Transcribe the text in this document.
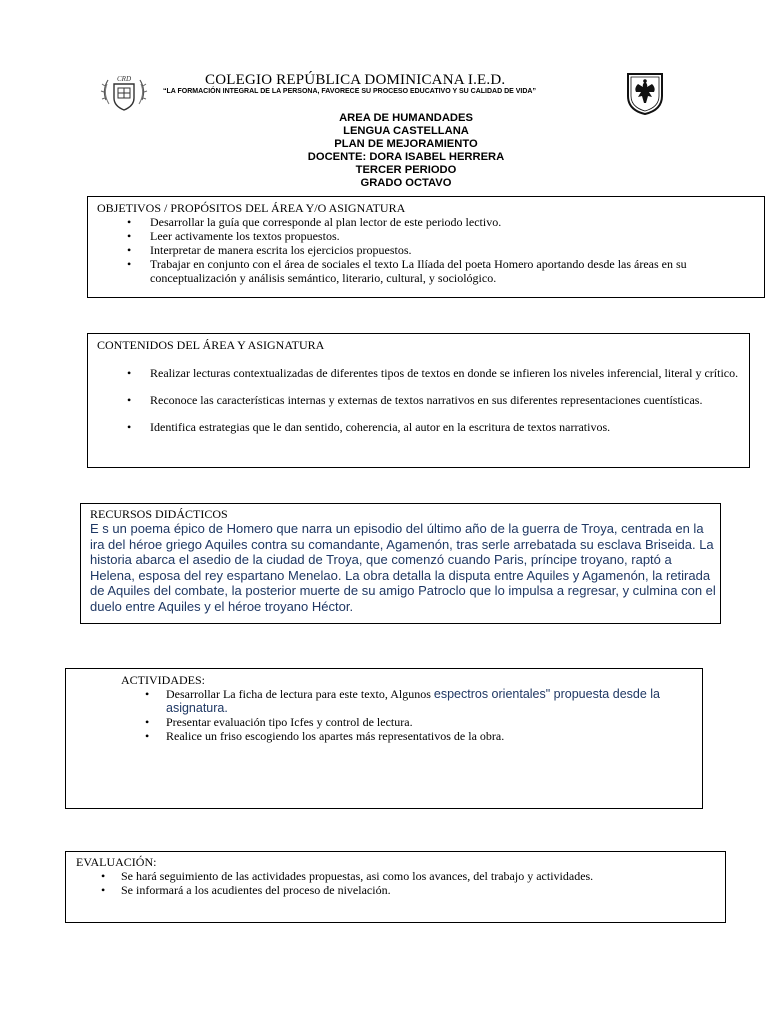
CRD	COLEGIO REPÚBLICA DOMINICANA I.E.D.
“LA FORMACIÓN INTEGRAL DE LA PERSONA, FAVORECE SU PROCESO EDUCATIVO Y SU CALIDAD DE VIDA”
AREA DE HUMANDADES
LENGUA CASTELLANA
PLAN DE MEJORAMIENTO
DOCENTE: DORA ISABEL HERRERA
TERCER PERIODO
GRADO OCTAVO
OBJETIVOS / PROPÓSITOS DEL ÁREA Y/O ASIGNATURA
• Desarrollar la guía que corresponde al plan lector de este periodo lectivo.
• Leer activamente los textos propuestos.
• Interpretar de manera escrita los ejercicios propuestos.
• Trabajar en conjunto con el área de sociales el texto La Ilíada del poeta Homero aportando desde las áreas en su conceptualización y análisis semántico, literario, cultural, y sociológico.
CONTENIDOS DEL ÁREA Y ASIGNATURA
• Realizar lecturas contextualizadas de diferentes tipos de textos en donde se infieren los niveles inferencial, literal y crítico.
• Reconoce las características internas y externas de textos narrativos en sus diferentes representaciones cuentísticas.
• Identifica estrategias que le dan sentido, coherencia, al autor en la escritura de textos narrativos.
RECURSOS DIDÁCTICOS
E s un poema épico de Homero que narra un episodio del último año de la guerra de Troya, centrada en la ira del héroe griego Aquiles contra su comandante, Agamenón, tras serle arrebatada su esclava Briseida. La historia abarca el asedio de la ciudad de Troya, que comenzó cuando Paris, príncipe troyano, raptó a Helena, esposa del rey espartano Menelao. La obra detalla la disputa entre Aquiles y Agamenón, la retirada de Aquiles del combate, la posterior muerte de su amigo Patroclo que lo impulsa a regresar, y culmina con el duelo entre Aquiles y el héroe troyano Héctor.
ACTIVIDADES:
• Desarrollar La ficha de lectura para este texto, Algunos espectros orientales" propuesta desde la asignatura.
• Presentar evaluación tipo Icfes y control de lectura.
• Realice un friso escogiendo los apartes más representativos de la obra.
EVALUACIÓN:
• Se hará seguimiento de las actividades propuestas, asi como los avances, del trabajo y actividades.
• Se informará a los acudientes del proceso de nivelación.
